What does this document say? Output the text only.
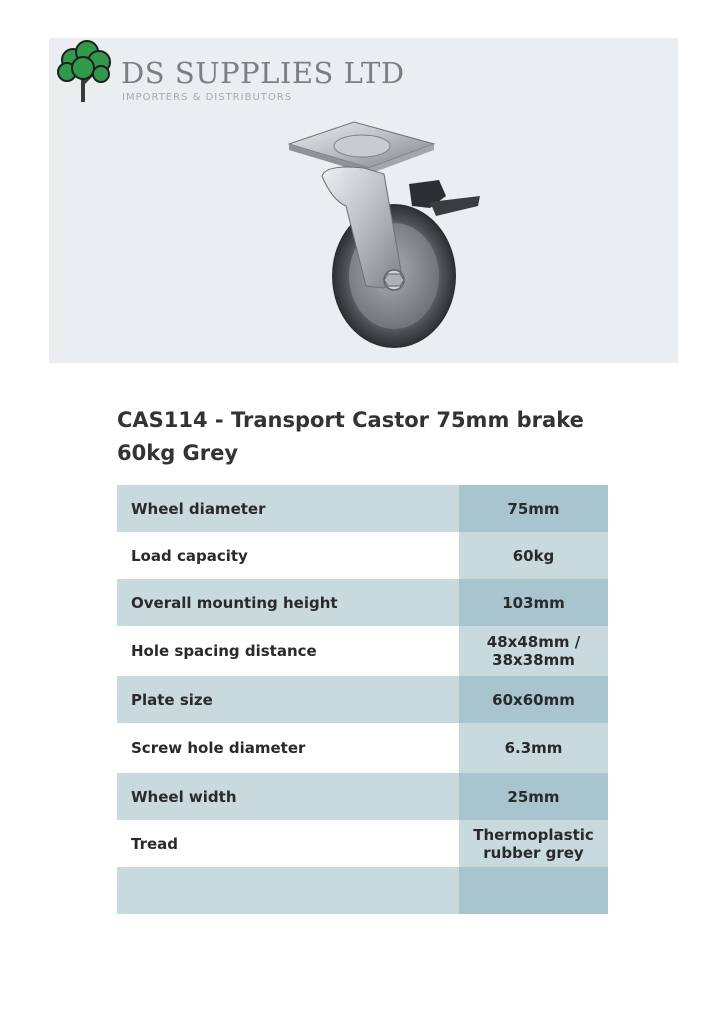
DS SUPPLIES LTD
IMPORTERS & DISTRIBUTORS
CAS114 - Transport Castor 75mm brake 60kg Grey
Wheel diameter	75mm
Load capacity	60kg
Overall mounting height	103mm
Hole spacing distance	48x48mm / 38x38mm
Plate size	60x60mm
Screw hole diameter	6.3mm
Wheel width	25mm
Tread	Thermoplastic rubber grey
